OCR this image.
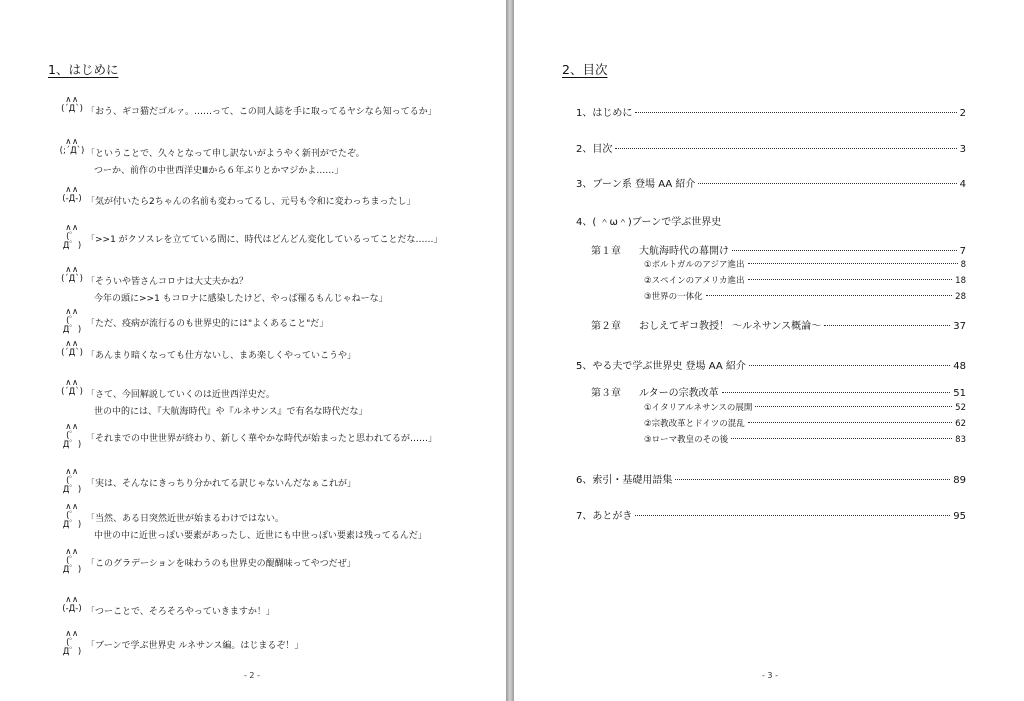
1、はじめに
∧∧
(´Д`) 「おう、ギコ猫だゴルァ。……って、この同人誌を手に取ってるヤシなら知ってるか」
∧∧
(;´Д`) 「ということで、久々となって申し訳ないがようやく新刊がでたぞ。
つーか、前作の中世西洋史Ⅲから６年ぶりとかマジかよ……」
∧∧
(-Д-) 「気が付いたら2ちゃんの名前も変わってるし、元号も令和に変わっちまったし」
∧∧
(゜Д゜)
「>>1 がクソスレを立てている間に、時代はどんどん変化しているってことだな……」
∧∧
(´Д`) 「そういや皆さんコロナは大丈夫かね？
今年の頭に>>1 もコロナに感染したけど、やっぱ罹るもんじゃねーな」
∧∧
(゜Д゜)
「ただ、疫病が流行るのも世界史的には"よくあること"だ」
∧∧
(´Д`) 「あんまり暗くなっても仕方ないし、まあ楽しくやっていこうや」
∧∧
(´Д`) 「さて、今回解説していくのは近世西洋史だ。
世の中的には、『大航海時代』や『ルネサンス』で有名な時代だな」
∧∧
(゜Д゜)
「それまでの中世世界が終わり、新しく華やかな時代が始まったと思われてるが……」
∧∧
(゜Д゜)
「実は、そんなにきっちり分かれてる訳じゃないんだなぁこれが」
∧∧
(゜Д゜)
「当然、ある日突然近世が始まるわけではない。
中世の中に近世っぽい要素があったし、近世にも中世っぽい要素は残ってるんだ」
∧∧
(゜Д゜)
「このグラデーションを味わうのも世界史の醍醐味ってやつだぜ」
∧∧
(-Д-) 「つーことで、そろそろやっていきますか！」
∧∧
(゜Д゜)
「ブーンで学ぶ世界史 ルネサンス編。はじまるぞ！」
- 2 -
2、目次
1、はじめに	2
2、目次	3
3、ブーン系 登場 AA 紹介	4
4、( ＾ω＾)ブーンで学ぶ世界史
第１章	大航海時代の幕開け	7
①ポルトガルのアジア進出	8
②スペインのアメリカ進出	18
③世界の一体化	28
第２章	おしえてギコ教授！ ～ルネサンス概論～	37
5、やる夫で学ぶ世界史 登場 AA 紹介	48
第３章	ルターの宗教改革	51
①イタリアルネサンスの展開	52
②宗教改革とドイツの混乱	62
③ローマ教皇のその後	83
6、索引・基礎用語集	89
7、あとがき	95
- 3 -
